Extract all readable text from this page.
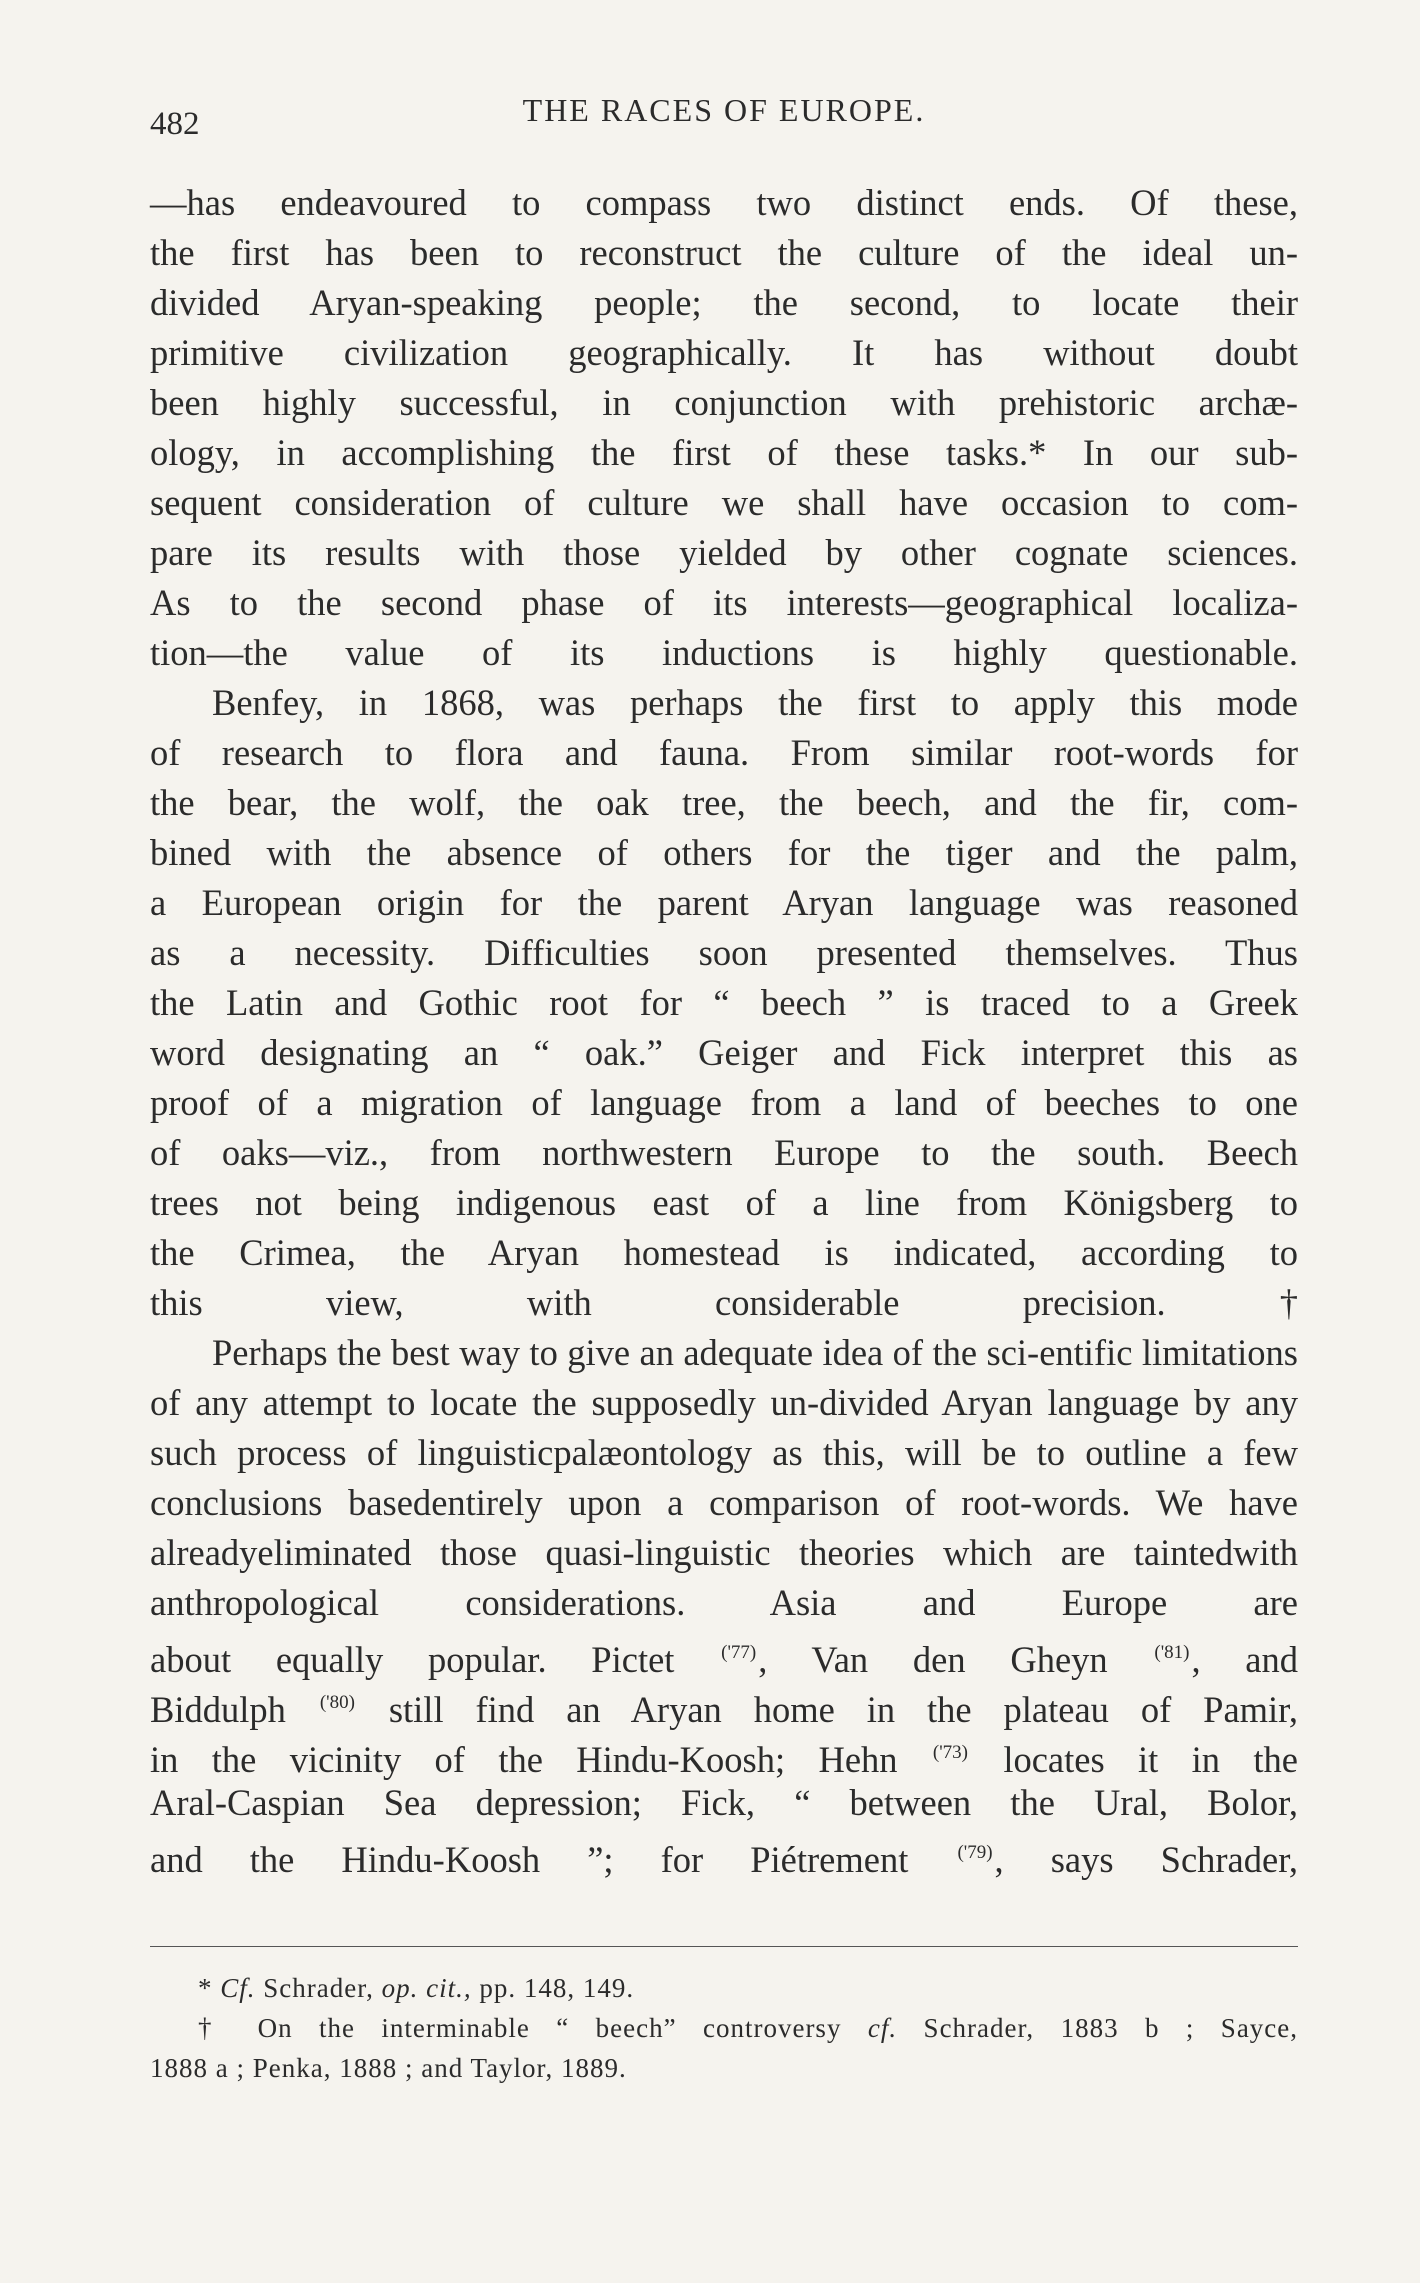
482	THE RACES OF EUROPE.
—has endeavoured to compass two distinct ends. Of these,
the first has been to reconstruct the culture of the ideal un-
divided Aryan-speaking people; the second, to locate their
primitive civilization geographically. It has without doubt
been highly successful, in conjunction with prehistoric archæ-
ology, in accomplishing the first of these tasks.* In our sub-
sequent consideration of culture we shall have occasion to com-
pare its results with those yielded by other cognate sciences.
As to the second phase of its interests—geographical localiza-
tion—the value of its inductions is highly questionable.
Benfey, in 1868, was perhaps the first to apply this mode
of research to flora and fauna. From similar root-words for
the bear, the wolf, the oak tree, the beech, and the fir, com-
bined with the absence of others for the tiger and the palm,
a European origin for the parent Aryan language was reasoned
as a necessity. Difficulties soon presented themselves. Thus
the Latin and Gothic root for “ beech ” is traced to a Greek
word designating an “ oak.” Geiger and Fick interpret this as
proof of a migration of language from a land of beeches to one
of oaks—viz., from northwestern Europe to the south. Beech
trees not being indigenous east of a line from Königsberg to
the Crimea, the Aryan homestead is indicated, according to
this view, with considerable precision.†
Perhaps the best way to give an adequate idea of the sci-entific limitations of any attempt to locate the supposedly un-divided Aryan language by any such process of linguisticpalæontology as this, will be to outline a few conclusions basedentirely upon a comparison of root-words. We have alreadyeliminated those quasi-linguistic theories which are taintedwith anthropological considerations. Asia and Europe are
about equally popular. Pictet $^{('77)}$, Van den Gheyn $^{('81)}$, and
Biddulph $^{('80)}$ still find an Aryan home in the plateau of Pamir,
in the vicinity of the Hindu-Koosh; Hehn $^{('73)}$ locates it in the
Aral-Caspian Sea depression; Fick, “ between the Ural, Bolor,
and the Hindu-Koosh ”; for Piétrement	$^{('79)}$, says Schrader,
* Cf. Schrader, op. cit., pp. 148, 149.
† On the interminable “ beech” controversy cf. Schrader, 1883 b ; Sayce,
1888 a ; Penka, 1888 ; and Taylor, 1889.
